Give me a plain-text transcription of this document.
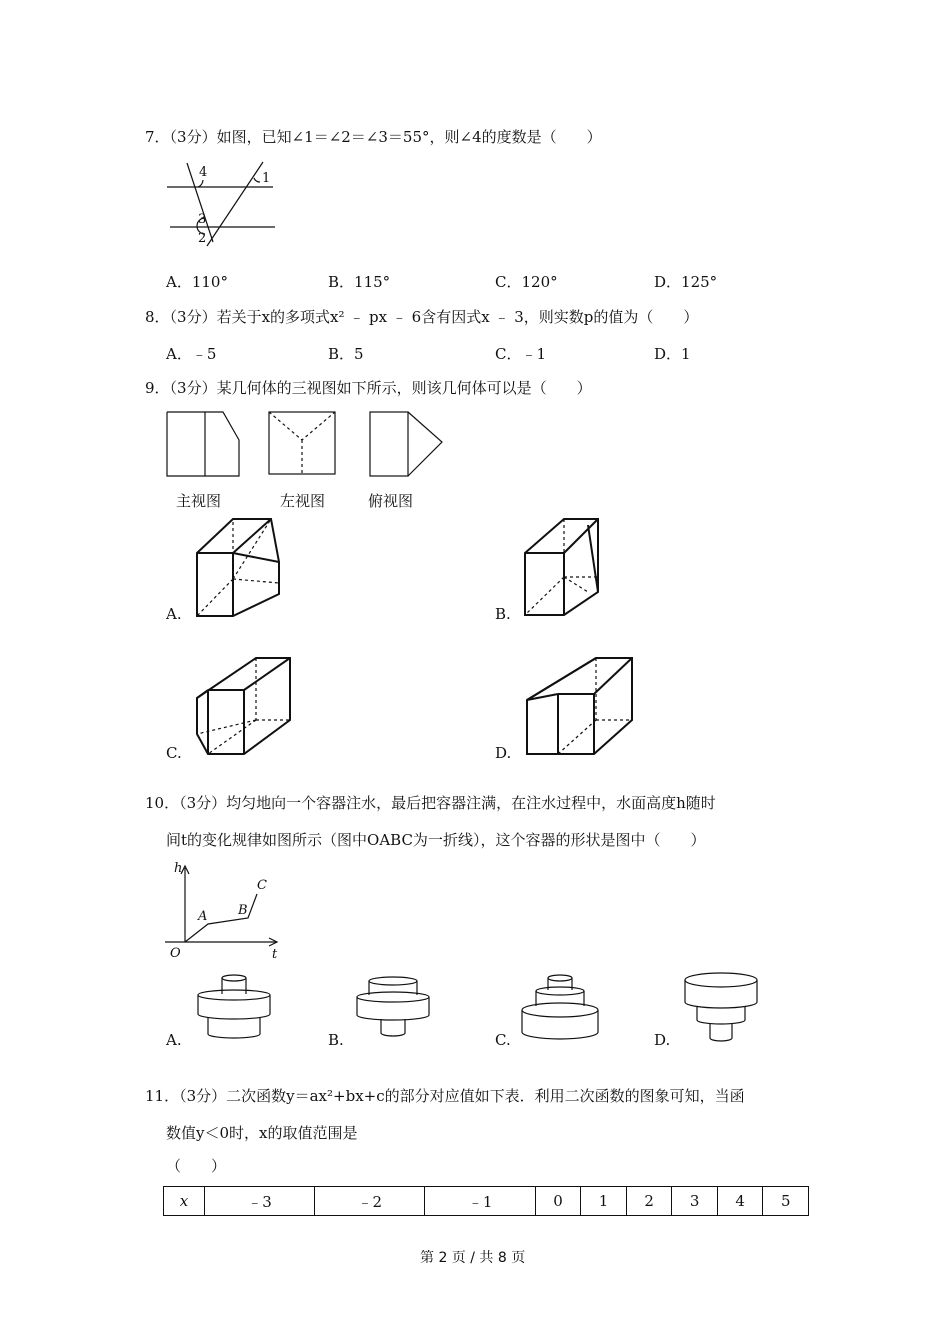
7．（3分）如图，已知∠1＝∠2＝∠3＝55°，则∠4的度数是（　　）
4	1
3
2
A．110°	B．115°	C．120°	D．125°
8．（3分）若关于x的多项式x² ﹣ px ﹣ 6含有因式x ﹣ 3，则实数p的值为（　　）
A．﹣5	B．5	C．﹣1	D．1
9．（3分）某几何体的三视图如下所示，则该几何体可以是（　　）
主视图	左视图	俯视图
A.	B.
C.	D.
10．（3分）均匀地向一个容器注水，最后把容器注满，在注水过程中，水面高度h随时
间t的变化规律如图所示（图中OABC为一折线），这个容器的形状是图中（　　）
h
t
O
A B
C
A.	B.	C.	D.
11．（3分）二次函数y＝ax²+bx+c的部分对应值如下表．利用二次函数的图象可知，当函
数值y＜0时，x的取值范围是
（　　）
x	﹣3	﹣2	﹣1	0	1	2	3	4	5
第 2 页 / 共 8 页
